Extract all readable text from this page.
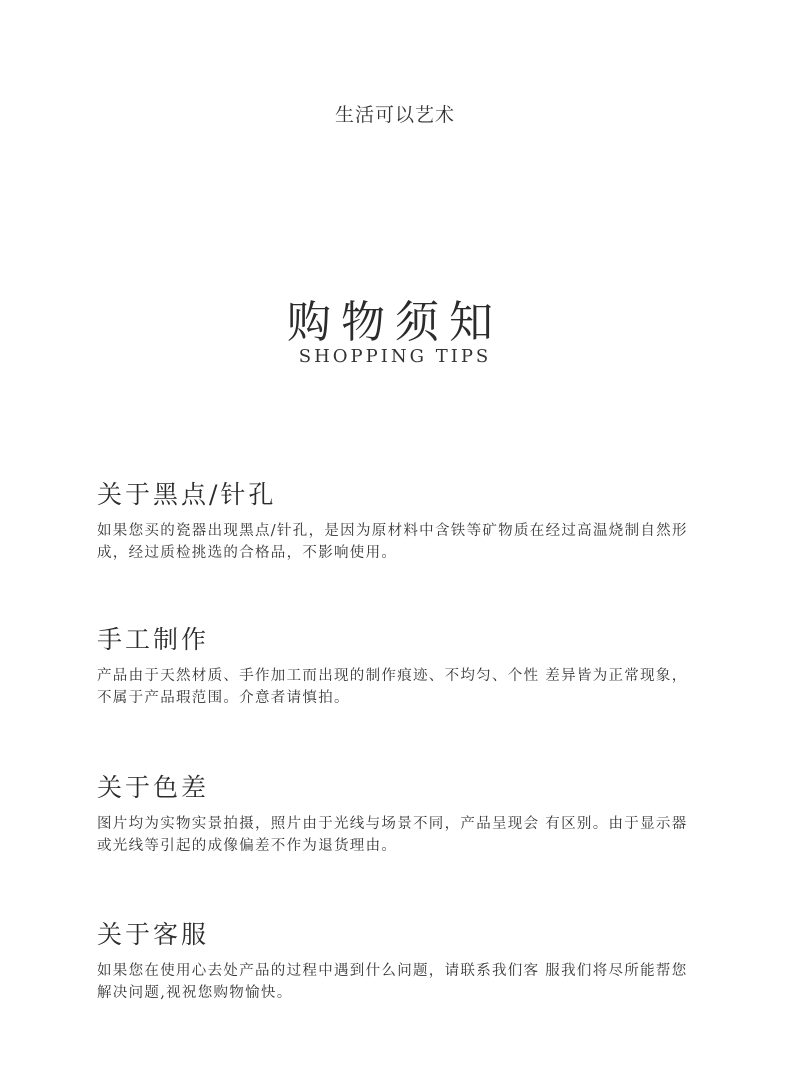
生活可以艺术
购物须知
SHOPPING TIPS
关于黑点/针孔

如果您买的瓷器出现黑点/针孔，是因为原材料中含铁等矿物质在经过高温烧制自然形成，经过质检挑选的合格品，不影响使用。

手工制作

产品由于天然材质、手作加工而出现的制作痕迹、不均匀、个性 差异皆为正常现象，不属于产品瑕范围。介意者请慎拍。

关于色差

图片均为实物实景拍摄，照片由于光线与场景不同，产品呈现会 有区别。由于显示器或光线等引起的成像偏差不作为退货理由。

关于客服

如果您在使用心去处产品的过程中遇到什么问题，请联系我们客 服我们将尽所能帮您解决问题,视祝您购物愉快。
